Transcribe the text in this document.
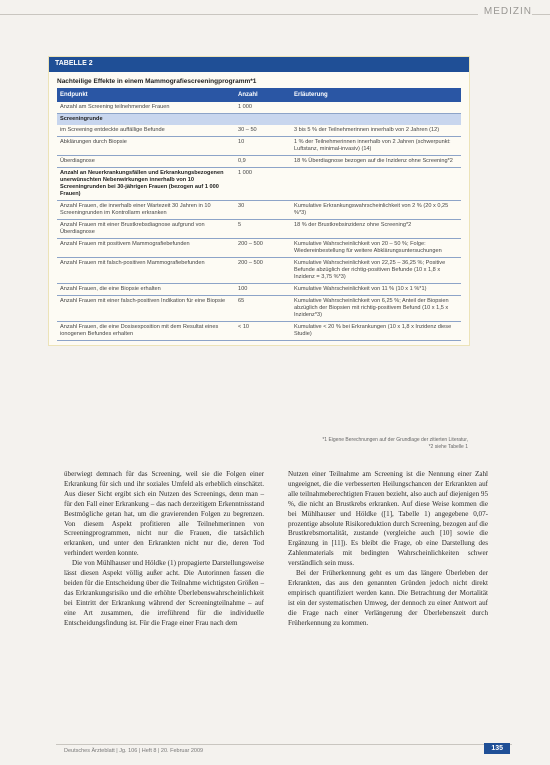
MEDIZIN
TABELLE 2
Nachteilige Effekte in einem Mammografiescreeningprogramm*1
Endpunkt	Anzahl	Erläuterung
Anzahl am Screening teilnehmender Frauen	1 000	
Screeningrunde		
im Screening entdeckte auffällige Befunde	30 – 50	3 bis 5 % der Teilnehmerinnen innerhalb von 2 Jahren (12)
Abklärungen durch Biopsie	10	1 % der Teilnehmerinnen innerhalb von 2 Jahren (schwerpunkt: Luftstanz, minimal-invasiv) (14)
Überdiagnose	0,9	18 % Überdiagnose bezogen auf die Inzidenz ohne Screening*2
Anzahl an Neuerkrankungsfällen und Erkrankungsbezogenen unerwünschten Nebenwirkungen innerhalb von 10 Screeningrunden bei 30-jährigen Frauen (bezogen auf 1 000 Frauen)	1 000	
Anzahl Frauen, die innerhalb einer Wartezeit 30 Jahren in 10 Screeningrunden im Kontrollarm erkranken	30	Kumulative Erkrankungswahrscheinlichkeit von 2 % (20 x 0,25 %*3)
Anzahl Frauen mit einer Brustkrebsdiagnose aufgrund von Überdiagnose	5	18 % der Brustkrebsinzidenz ohne Screening*2
Anzahl Frauen mit positivem Mammografiebefunden	200 – 500	Kumulative Wahrscheinlichkeit von 20 – 50 %; Folge: Wiedereinbestellung für weitere Abklärungsuntersuchungen
Anzahl Frauen mit falsch-positiven Mammografiebefunden	200 – 500	Kumulative Wahrscheinlichkeit von 22,25 – 36,25 %; Positive Befunde abzüglich der richtig-positiven Befunde (10 x 1,8 x Inzidenz = 3,75 %*3)
Anzahl Frauen, die eine Biopsie erhalten	100	Kumulative Wahrscheinlichkeit von 11 % (10 x 1 %*1)
Anzahl Frauen mit einer falsch-positiven Indikation für eine Biopsie	65	Kumulative Wahrscheinlichkeit von 6,25 %; Anteil der Biopsien abzüglich der Biopsien mit richtig-positivem Befund (10 x 1,5 x Inzidenz*3)
Anzahl Frauen, die eine Dosisexposition mit dem Resultat eines ionogenen Befundes erhalten	< 10	Kumulative < 20 % bei Erkrankungen (10 x 1,8 x Inzidenz diese Studie)
*1 Eigene Berechnungen auf der Grundlage der zitierten Literatur,
*2 siehe Tabelle 1

überwiegt demnach für das Screening, weil sie die Folgen einer Erkrankung für sich und ihr soziales Umfeld als erheblich einschätzt. Aus dieser Sicht ergibt sich ein Nutzen des Screenings, denn man – für den Fall einer Erkrankung – das nach derzeitigem Erkenntnisstand Bestmögliche getan hat, um die gravierenden Folgen zu begrenzen. Von diesem Aspekt profitieren alle Teilnehmerinnen von Screeningprogrammen, nicht nur die Frauen, die tatsächlich erkranken, und unter den Erkrankten nicht nur die, deren Tod verhindert werden konnte.

Die von Mühlhauser und Höldke (1) propagierte Darstellungsweise lässt diesen Aspekt völlig außer acht. Die Autorinnen fassen die beiden für die Entscheidung über die Teilnahme wichtigsten Größen – das Erkrankungsrisiko und die erhöhte Überlebenswahrscheinlichkeit bei Eintritt der Erkrankung während der Screeningteilnahme – auf eine Art zusammen, die irreführend für die individuelle Entscheidungsfindung ist. Für die Frage einer Frau nach dem

Nutzen einer Teilnahme am Screening ist die Nennung einer Zahl ungeeignet, die die verbesserten Heilungschancen der Erkrankten auf alle teilnahmeberechtigten Frauen bezieht, also auch auf diejenigen 95 %, die nicht an Brustkrebs erkranken. Auf diese Weise kommen die bei Mühlhauser und Höldke ([1], Tabelle 1) angegebene 0,07-prozentige absolute Risikoreduktion durch Screening, bezogen auf die Brustkrebsmortalität, zustande (vergleiche auch [10] sowie die Ergänzung in [11]). Es bleibt die Frage, ob eine Darstellung des Zahlenmaterials mit bedingten Wahrscheinlichkeiten schwer verständlich sein muss.

Bei der Früherkennung geht es um das längere Überleben der Erkrankten, das aus den genannten Gründen jedoch nicht direkt empirisch quantifiziert werden kann. Die Betrachtung der Mortalität ist ein der systematischen Umweg, der dennoch zu einer Antwort auf die Frage nach einer Verlängerung der Überlebenszeit durch Früherkennung zu kommen.

Deutsches Ärzteblatt | Jg. 106 | Heft 8 | 20. Februar 2009	135
